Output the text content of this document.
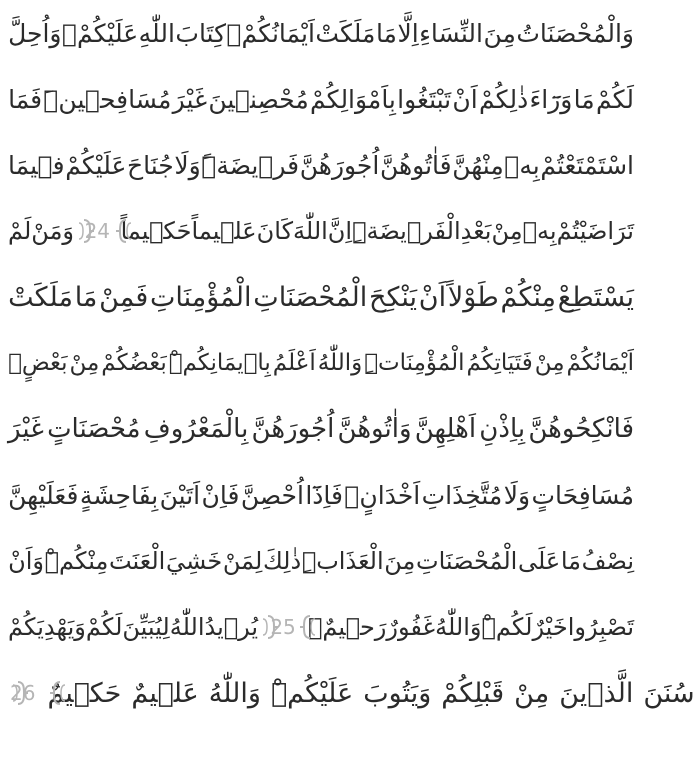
وَالْمُحْصَنَاتُ
مِنَ
النِّسَاءِ
اِلَّا
مَا
مَلَكَتْ
اَيْمَانُكُمْۚ
كِتَابَ
اللّٰهِ
عَلَيْكُمْۚ
وَاُحِلَّ
لَكُمْ
مَا
وَرَٓاءَ
ذٰلِكُمْ
اَنْ
تَبْتَغُوا
بِاَمْوَالِكُمْ
مُحْصِن۪ينَ
غَيْرَ
مُسَافِح۪ينَۜ
فَمَا
اسْتَمْتَعْتُمْ
بِه۪
مِنْهُنَّ
فَاٰتُوهُنَّ
اُجُورَهُنَّ
فَر۪يضَةًۜ
وَلَا
جُنَاحَ
عَلَيْكُمْ
ف۪يمَا
تَرَاضَيْتُمْ
بِه۪
مِنْ
بَعْدِ
الْفَر۪يضَةِۜ
اِنَّ
اللّٰهَ
كَانَ
عَل۪يماً
حَك۪يماً
24
وَمَنْ
لَمْ
يَسْتَطِعْ
مِنْكُمْ
طَوْلاً
اَنْ
يَنْكِحَ
الْمُحْصَنَاتِ
الْمُؤْمِنَاتِ
فَمِنْ
مَا
مَلَكَتْ
اَيْمَانُكُمْ
مِنْ
فَتَيَاتِكُمُ
الْمُؤْمِنَاتِۜ
وَاللّٰهُ
اَعْلَمُ
بِا۪يمَانِكُمْۜ
بَعْضُكُمْ
مِنْ
بَعْضٍۚ
فَانْكِحُوهُنَّ
بِاِذْنِ
اَهْلِهِنَّ
وَاٰتُوهُنَّ
اُجُورَهُنَّ
بِالْمَعْرُوفِ
مُحْصَنَاتٍ
غَيْرَ
مُسَافِحَاتٍ
وَلَا
مُتَّخِذَاتِ
اَخْدَانٍۚ
فَاِذَٓا
اُحْصِنَّ
فَاِنْ
اَتَيْنَ
بِفَاحِشَةٍ
فَعَلَيْهِنَّ
نِصْفُ
مَا
عَلَى
الْمُحْصَنَاتِ
مِنَ
الْعَذَابِۜ
ذٰلِكَ
لِمَنْ
خَشِيَ
الْعَنَتَ
مِنْكُمْۜ
وَاَنْ
تَصْبِرُوا
خَيْرٌ
لَكُمْۜ
وَاللّٰهُ
غَفُورٌ
رَح۪يمٌ۟
25
يُر۪يدُ
اللّٰهُ
لِيُبَيِّنَ
لَكُمْ
وَيَهْدِيَكُمْ
سُنَنَ
الَّذ۪ينَ
مِنْ
قَبْلِكُمْ
وَيَتُوبَ
عَلَيْكُمْۜ
وَاللّٰهُ
عَل۪يمٌ
حَك۪يمٌ
26
